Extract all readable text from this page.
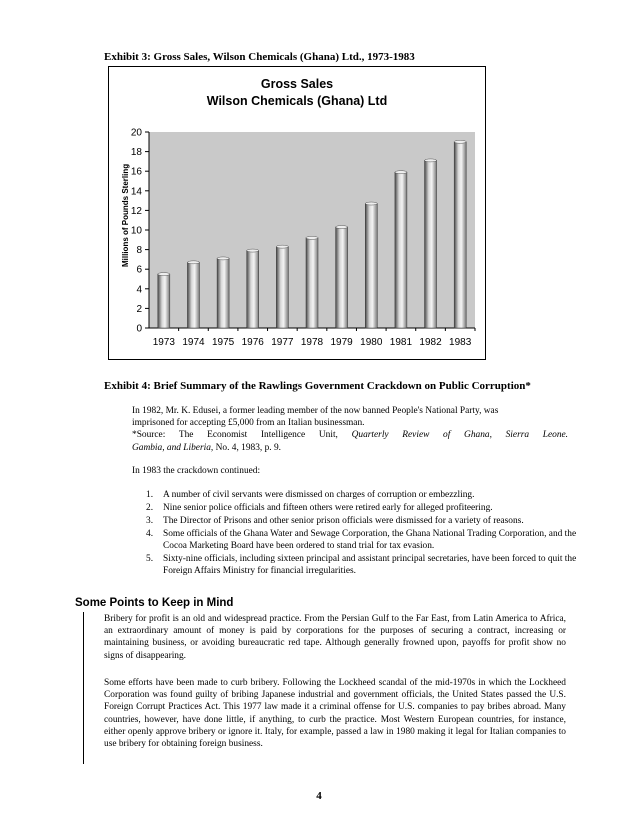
Exhibit 3: Gross Sales, Wilson Chemicals (Ghana) Ltd., 1973-1983
Gross Sales
Wilson Chemicals (Ghana) Ltd
Millions of Pounds Sterling
0
2
4
6
8
10
12
14
16
18
20
1973 1974 1975 1976 1977 1978 1979 1980 1981 1982 1983
Exhibit 4: Brief Summary of the Rawlings Government Crackdown on Public Corruption*
In 1982, Mr. K. Edusei, a former leading member of the now banned People's National Party, was
imprisoned for accepting £5,000 from an Italian businessman.
*Source: The Economist Intelligence Unit, Quarterly Review of Ghana, Sierra Leone.
Gambia, and Liberia, No. 4, 1983, p. 9.
In 1983 the crackdown continued:
1. A number of civil servants were dismissed on charges of corruption or embezzling.
2. Nine senior police officials and fifteen others were retired early for alleged profiteering.
3. The Director of Prisons and other senior prison officials were dismissed for a variety of reasons.
4. Some officials of the Ghana Water and Sewage Corporation, the Ghana National Trading Corporation, and the Cocoa Marketing Board have been ordered to stand trial for tax evasion.
5. Sixty-nine officials, including sixteen principal and assistant principal secretaries, have been forced to quit the Foreign Affairs Ministry for financial irregularities.
Some Points to Keep in Mind
Bribery for profit is an old and widespread practice. From the Persian Gulf to the Far East, from Latin America to Africa, an extraordinary amount of money is paid by corporations for the purposes of securing a contract, increasing or maintaining business, or avoiding bureaucratic red tape. Although generally frowned upon, payoffs for profit show no signs of disappearing.
Some efforts have been made to curb bribery. Following the Lockheed scandal of the mid-1970s in which the Lockheed Corporation was found guilty of bribing Japanese industrial and government officials, the United States passed the U.S. Foreign Corrupt Practices Act. This 1977 law made it a criminal offense for U.S. companies to pay bribes abroad. Many countries, however, have done little, if anything, to curb the practice. Most Western European countries, for instance, either openly approve bribery or ignore it. Italy, for example, passed a law in 1980 making it legal for Italian companies to use bribery for obtaining foreign business.
4
